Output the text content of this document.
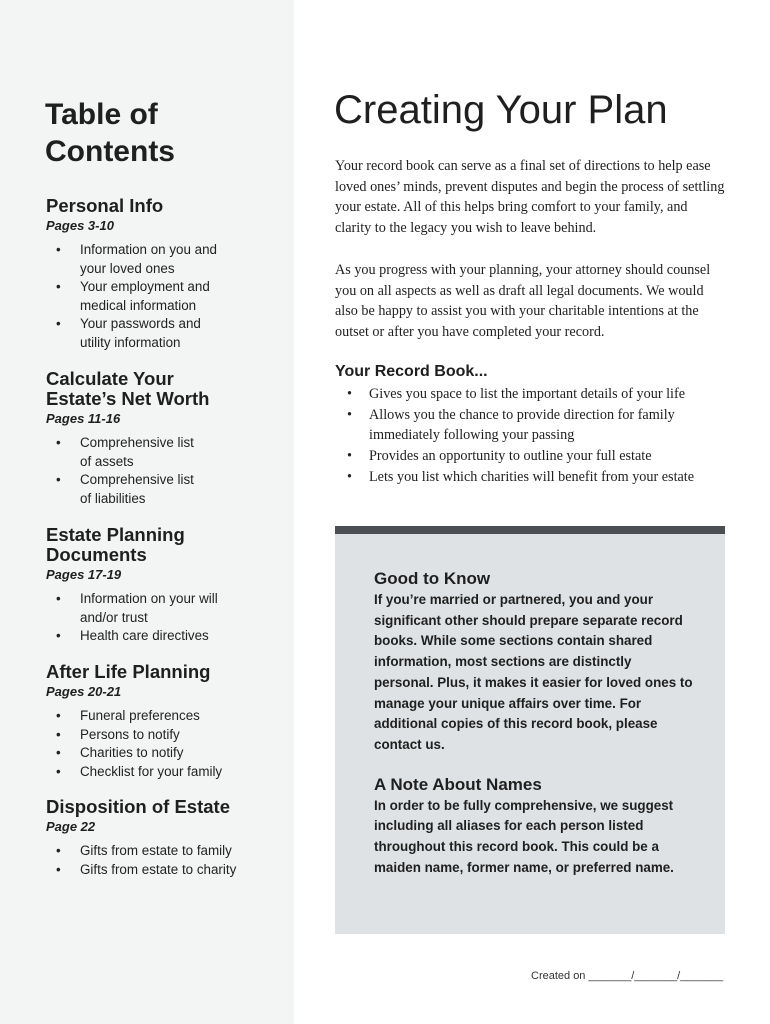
Table of
Contents
Personal Info
Pages 3-10
• Information on you and
your loved ones
• Your employment and
medical information
• Your passwords and
utility information
Calculate Your
Estate’s Net Worth
Pages 11-16
• Comprehensive list
of assets
• Comprehensive list
of liabilities
Estate Planning
Documents
Pages 17-19
• Information on your will
and/or trust
• Health care directives
After Life Planning
Pages 20-21
• Funeral preferences
• Persons to notify
• Charities to notify
• Checklist for your family
Disposition of Estate
Page 22
• Gifts from estate to family
• Gifts from estate to charity
Creating Your Plan

Your record book can serve as a final set of directions to help ease loved ones’ minds, prevent disputes and begin the process of settling your estate. All of this helps bring comfort to your family, and clarity to the legacy you wish to leave behind.

As you progress with your planning, your attorney should counsel you on all aspects as well as draft all legal documents. We would also be happy to assist you with your charitable intentions at the outset or after you have completed your record.

Your Record Book...
• Gives you space to list the important details of your life
• Allows you the chance to provide direction for family immediately following your passing
• Provides an opportunity to outline your full estate
• Lets you list which charities will benefit from your estate
Good to Know

If you’re married or partnered, you and your significant other should prepare separate record books. While some sections contain shared information, most sections are distinctly personal. Plus, it makes it easier for loved ones to manage your unique affairs over time. For additional copies of this record book, please contact us.

A Note About Names

In order to be fully comprehensive, we suggest including all aliases for each person listed throughout this record book. This could be a maiden name, former name, or preferred name.

Created on _______/_______/_______
